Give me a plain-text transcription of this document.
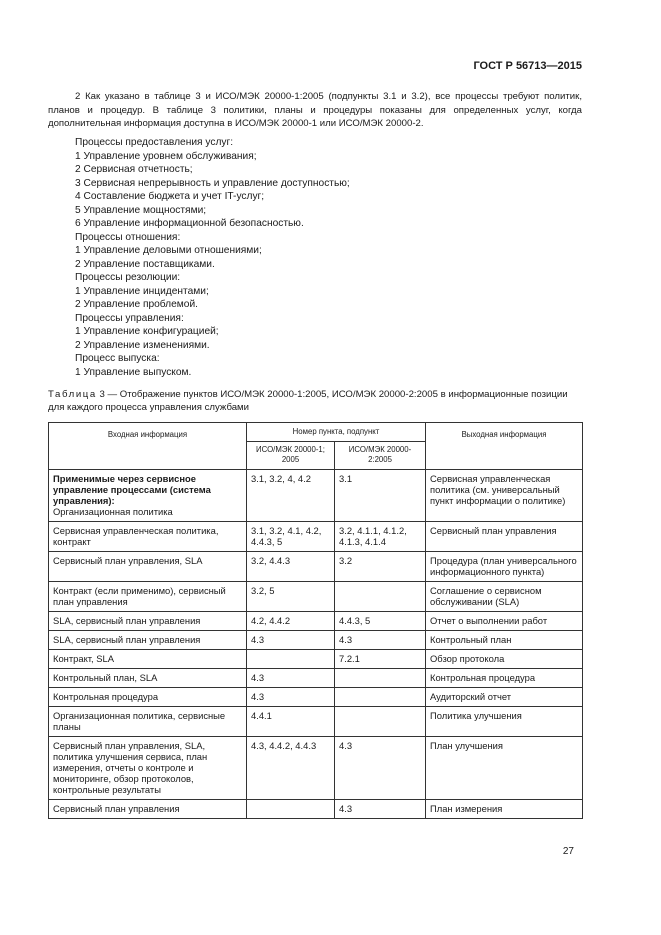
ГОСТ Р 56713—2015
2 Как указано в таблице 3 и ИСО/МЭК 20000-1:2005 (подпункты 3.1 и 3.2), все процессы требуют политик, планов и процедур. В таблице 3 политики, планы и процедуры показаны для определенных услуг, когда дополнительная информация доступна в ИСО/МЭК 20000-1 или ИСО/МЭК 20000-2.
Процессы предоставления услуг:
1 Управление уровнем обслуживания;
2 Сервисная отчетность;
3 Сервисная непрерывность и управление доступностью;
4 Составление бюджета и учет IT-услуг;
5 Управление мощностями;
6 Управление информационной безопасностью.
Процессы отношения:
1 Управление деловыми отношениями;
2 Управление поставщиками.
Процессы резолюции:
1 Управление инцидентами;
2 Управление проблемой.
Процессы управления:
1 Управление конфигурацией;
2 Управление изменениями.
Процесс выпуска:
1 Управление выпуском.
Таблица 3 — Отображение пунктов ИСО/МЭК 20000-1:2005, ИСО/МЭК 20000-2:2005 в информационные позиции для каждого процесса управления службами
Входная информация	Номер пункта, подпункт		Выходная информация
	ИСО/МЭК 20000-1; 2005	ИСО/МЭК 20000-2:2005	

Применимые через сервисное управление процессами (система управления):
Организационная политика	3.1, 3.2, 4, 4.2	3.1	Сервисная управленческая политика (см. универсальный пункт информации о политике)

Сервисная управленческая политика, контракт	3.1, 3.2, 4.1, 4.2, 4.4.3, 5	3.2, 4.1.1, 4.1.2, 4.1.3, 4.1.4	Сервисный план управления

Сервисный план управления, SLA	3.2, 4.4.3	3.2	Процедура (план универсального информационного пункта)

Контракт (если применимо), сервисный план управления	3.2, 5		Соглашение о сервисном обслуживании (SLA)

SLA, сервисный план управления	4.2, 4.4.2	4.4.3, 5	Отчет о выполнении работ

SLA, сервисный план управления	4.3	4.3	Контрольный план

Контракт, SLA		7.2.1	Обзор протокола

Контрольный план, SLA	4.3		Контрольная процедура

Контрольная процедура	4.3		Аудиторский отчет

Организационная политика, сервисные планы	4.4.1		Политика улучшения

Сервисный план управления, SLA, политика улучшения сервиса, план измерения, отчеты о контроле и мониторинге, обзор протоколов, контрольные результаты	4.3, 4.4.2, 4.4.3	4.3	План улучшения

Сервисный план управления		4.3	План измерения
27
